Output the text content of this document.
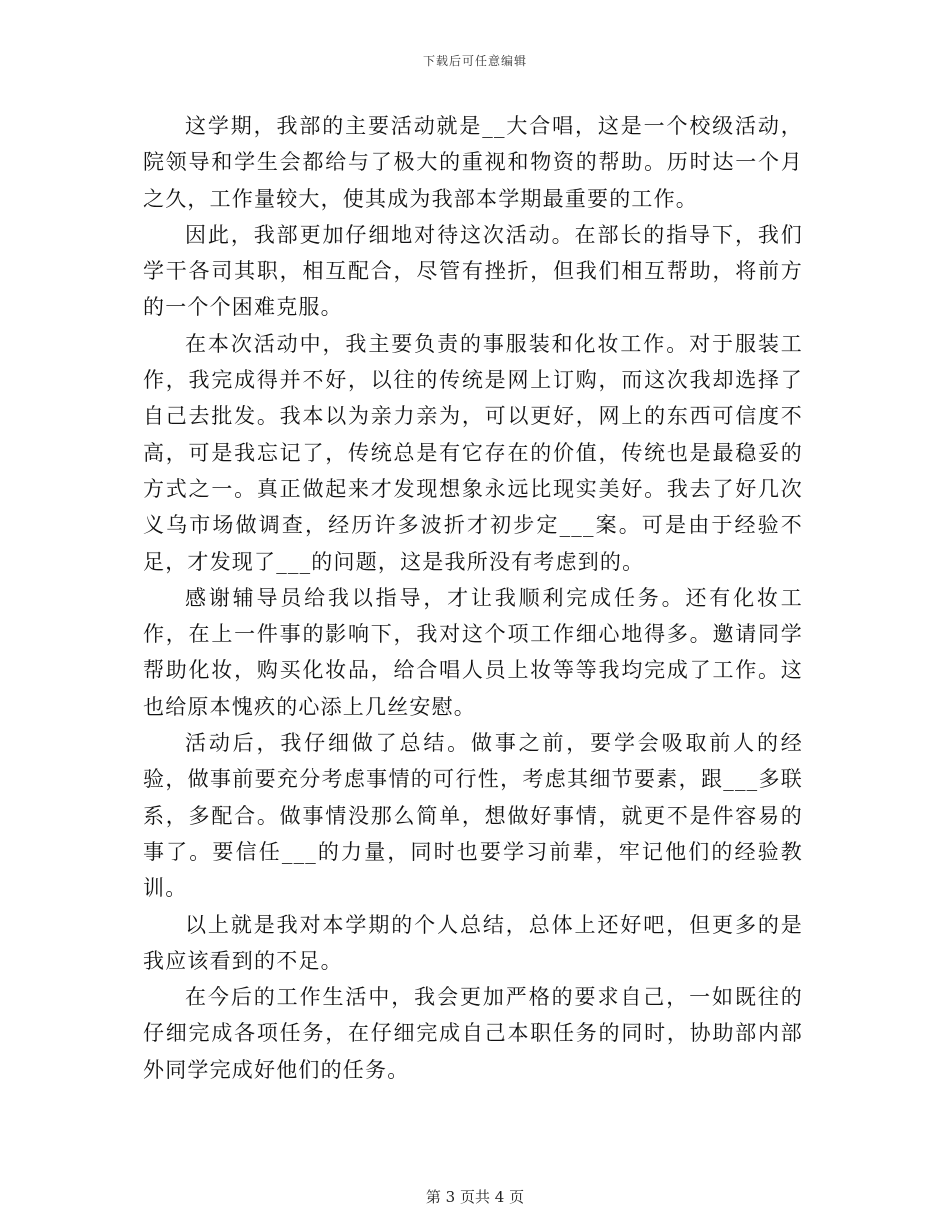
下载后可任意编辑

这学期，我部的主要活动就是__大合唱，这是一个校级活动，院领导和学生会都给与了极大的重视和物资的帮助。历时达一个月之久，工作量较大，使其成为我部本学期最重要的工作。

因此，我部更加仔细地对待这次活动。在部长的指导下，我们学干各司其职，相互配合，尽管有挫折，但我们相互帮助，将前方的一个个困难克服。

在本次活动中，我主要负责的事服装和化妆工作。对于服装工作，我完成得并不好，以往的传统是网上订购，而这次我却选择了自己去批发。我本以为亲力亲为，可以更好，网上的东西可信度不高，可是我忘记了，传统总是有它存在的价值，传统也是最稳妥的方式之一。真正做起来才发现想象永远比现实美好。我去了好几次义乌市场做调查，经历许多波折才初步定___案。可是由于经验不足，才发现了___的问题，这是我所没有考虑到的。

感谢辅导员给我以指导，才让我顺利完成任务。还有化妆工作，在上一件事的影响下，我对这个项工作细心地得多。邀请同学帮助化妆，购买化妆品，给合唱人员上妆等等我均完成了工作。这也给原本愧疚的心添上几丝安慰。

活动后，我仔细做了总结。做事之前，要学会吸取前人的经验，做事前要充分考虑事情的可行性，考虑其细节要素，跟___多联系，多配合。做事情没那么简单，想做好事情，就更不是件容易的事了。要信任___的力量，同时也要学习前辈，牢记他们的经验教训。

以上就是我对本学期的个人总结，总体上还好吧，但更多的是我应该看到的不足。

在今后的工作生活中，我会更加严格的要求自己，一如既往的仔细完成各项任务，在仔细完成自己本职任务的同时，协助部内部外同学完成好他们的任务。

第 3 页共 4 页
